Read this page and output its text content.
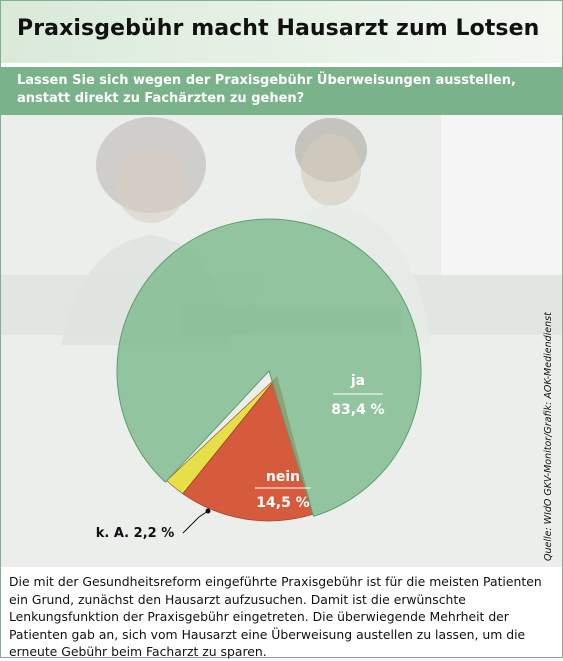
Praxisgebühr macht Hausarzt zum Lotsen
Lassen Sie sich wegen der Praxisgebühr Überweisungen ausstellen, anstatt direkt zu Fachärzten zu gehen?
ja
83,4 %
nein
14,5 %
k. A. 2,2 %	Quelle: WIdO GKV-Monitor/Grafik: AOK-Mediendienst

Die mit der Gesundheitsreform eingeführte Praxisgebühr ist für die meisten Patienten ein Grund, zunächst den Hausarzt aufzusuchen. Damit ist die erwünschte Lenkungsfunktion der Praxisgebühr eingetreten. Die überwiegende Mehrheit der Patienten gab an, sich vom Hausarzt eine Überweisung austellen zu lassen, um die erneute Gebühr beim Facharzt zu sparen.
